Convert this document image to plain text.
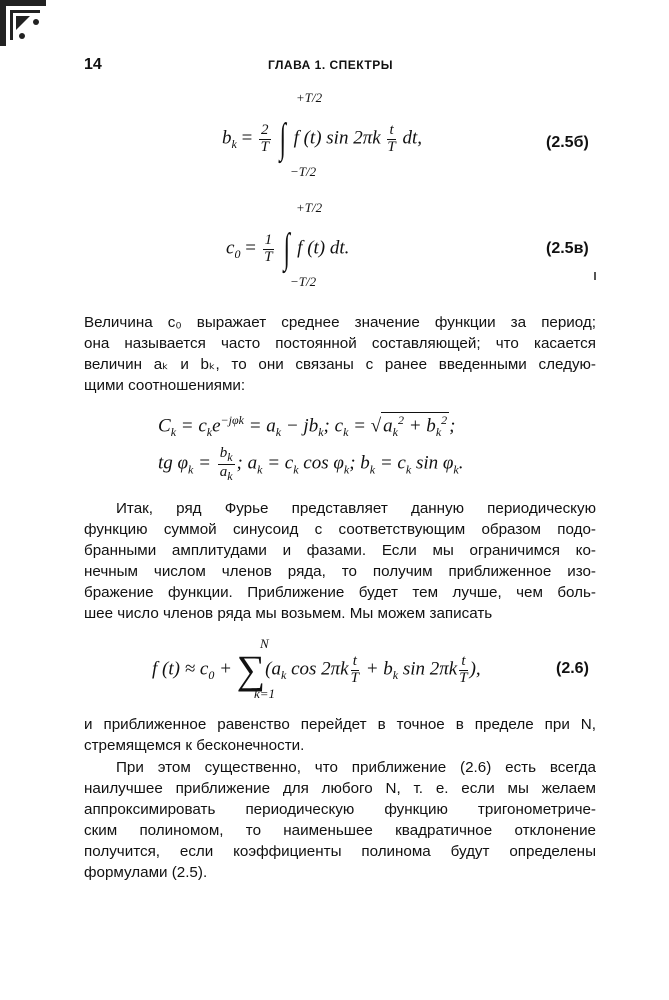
14	ГЛАВА 1. СПЕКТРЫ
+T/2
$b_k = \frac{2}{T}$ ∫ f (t) $\sin 2\pi k \frac{t}{T}$ dt,
−T/2
(2.5б)
+T/2
$c_0 = \frac{1}{T}$ ∫ f (t) dt.
−T/2
(2.5в)
Величина c₀ выражает среднее значение функции за период;
она называется часто постоянной составляющей; что касается
величин aₖ и bₖ, то они связаны с ранее введенными следую-
щими соотношениями:
$C_k = c_ke^{-j\varphi k} = a_k - jb_k$; $c_k$ = √ $a_k^2 + b_k^2$ ;
tg $\varphi_k = \frac{b_k}{a_k}$ ; $a_k = c_k$ $\cos \varphi_k$; $b_k = c_k$ $\sin \varphi_k$.
Итак, ряд Фурье представляет данную периодическую
функцию суммой синусоид с соответствующим образом подо-
бранными амплитудами и фазами. Если мы ограничимся ко-
нечным числом членов ряда, то получим приближенное изо-
бражение функции. Приближение будет тем лучше, чем боль-
шее число членов ряда мы возьмем. Мы можем записать
N
f $(t) \approx c_0 + \sum(a_k$ $\cos 2\pi k \frac{t}{T} + b_k$ $\sin 2\pi k \frac{t}{T}$ ),
k=1
(2.6)
и приближенное равенство перейдет в точное в пределе при N,
стремящемся к бесконечности.
При этом существенно, что приближение (2.6) есть всегда
наилучшее приближение для любого N, т. е. если мы желаем
аппроксимировать периодическую функцию тригонометриче-
ским полиномом, то наименьшее квадратичное отклонение
получится, если коэффициенты полинома будут определены
формулами (2.5).
